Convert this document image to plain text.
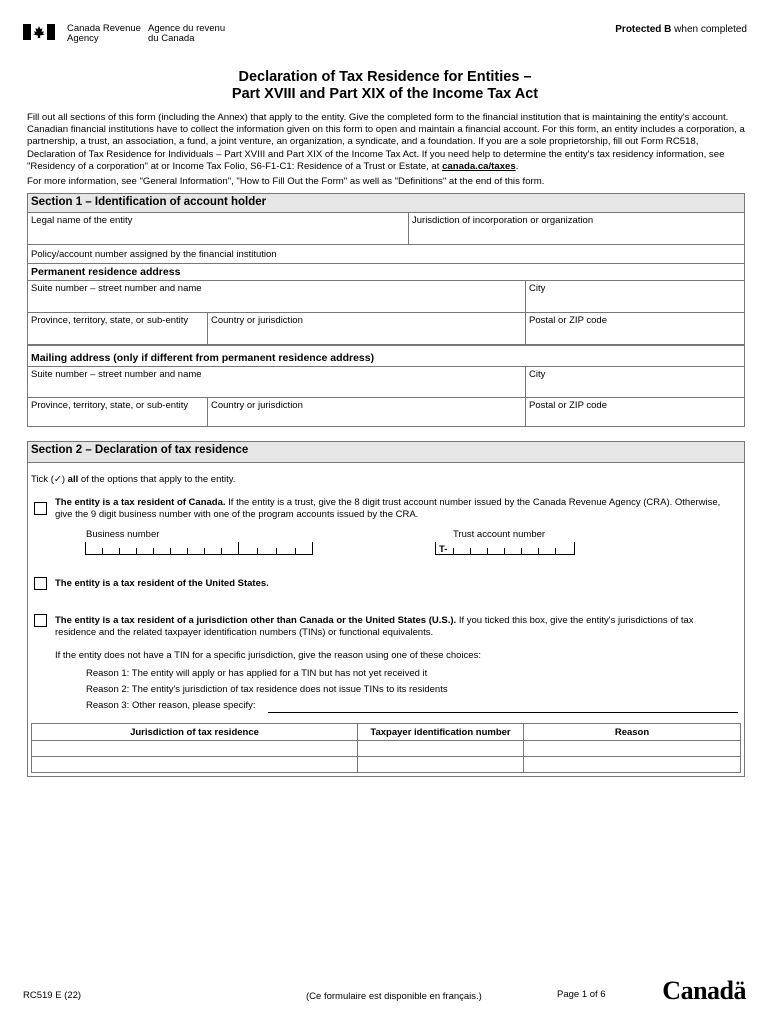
Canada Revenue
Agency
Agence du revenu
du Canada
Protected B when completed
Declaration of Tax Residence for Entities –
Part XVIII and Part XIX of the Income Tax Act
Fill out all sections of this form (including the Annex) that apply to the entity. Give the completed form to the financial institution that is maintaining the entity's account. Canadian financial institutions have to collect the information given on this form to open and maintain a financial account. For this form, an entity includes a corporation, a partnership, a trust, an association, a fund, a joint venture, an organization, a syndicate, and a foundation. If you are a sole proprietorship, fill out Form RC518, Declaration of Tax Residence for Individuals – Part XVIII and Part XIX of the Income Tax Act. If you need help to determine the entity's tax residency information, see "Residency of a corporation" at or Income Tax Folio, S6-F1-C1: Residence of a Trust or Estate, at canada.ca/taxes.
For more information, see "General Information", "How to Fill Out the Form" as well as "Definitions" at the end of this form.
Section 1 – Identification of account holder
Legal name of the entity	Jurisdiction of incorporation or organization
Policy/account number assigned by the financial institution
Permanent residence address
Suite number – street number and name	City
Province, territory, state, or sub-entity	Country or jurisdiction	Postal or ZIP code
Mailing address (only if different from permanent residence address)
Suite number – street number and name	City
Province, territory, state, or sub-entity	Country or jurisdiction	Postal or ZIP code
Section 2 – Declaration of tax residence
Tick (✓) all of the options that apply to the entity.
The entity is a tax resident of Canada. If the entity is a trust, give the 8 digit trust account number issued by the Canada Revenue Agency (CRA). Otherwise, give the 9 digit business number with one of the program accounts issued by the CRA.
Business number	Trust account number
T-
The entity is a tax resident of the United States.
The entity is a tax resident of a jurisdiction other than Canada or the United States (U.S.). If you ticked this box, give the entity's jurisdictions of tax residence and the related taxpayer identification numbers (TINs) or functional equivalents.
If the entity does not have a TIN for a specific jurisdiction, give the reason using one of these choices:
Reason 1: The entity will apply or has applied for a TIN but has not yet received it
Reason 2: The entity's jurisdiction of tax residence does not issue TINs to its residents
Reason 3: Other reason, please specify:
Jurisdiction of tax residence	Taxpayer identification number	Reason

RC519 E (22)	(Ce formulaire est disponible en français.)	Page 1 of 6 Canadä
